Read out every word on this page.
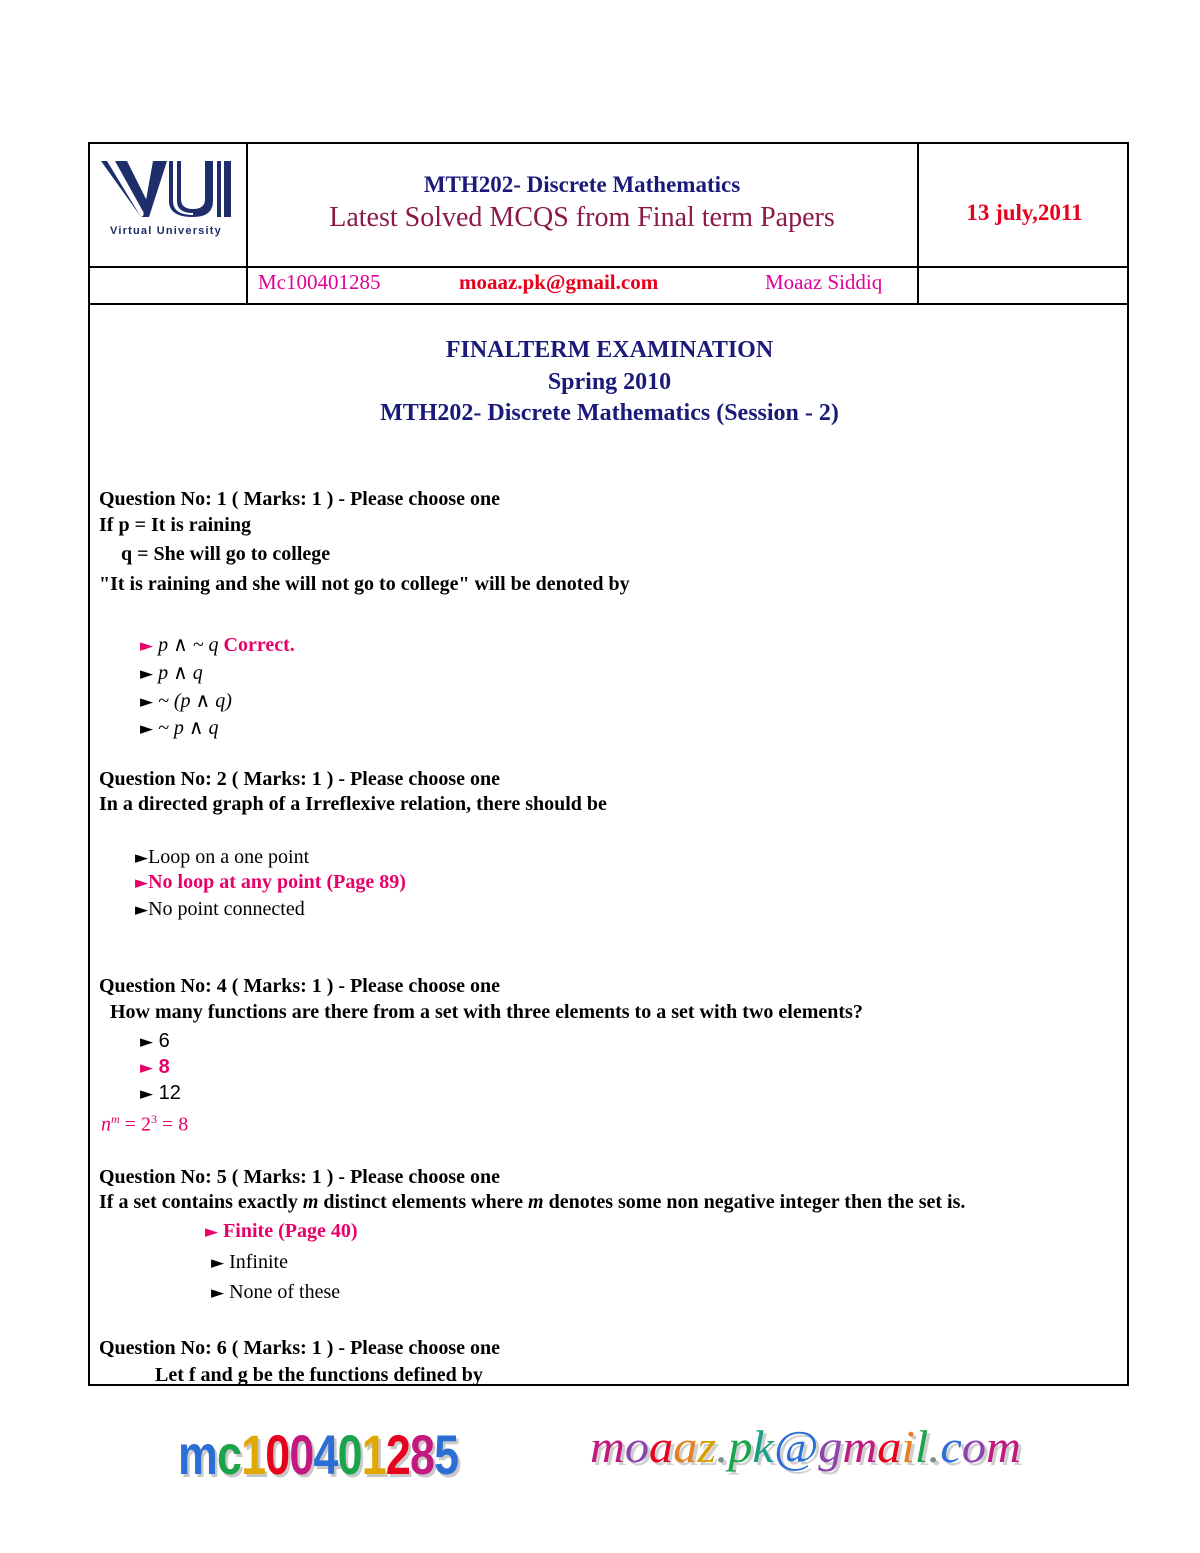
Virtual University
MTH202- Discrete Mathematics
Latest Solved MCQS from Final term Papers	13 july,2011
Mc100401285	moaaz.pk@gmail.com	Moaaz Siddiq
FINALTERM EXAMINATION
Spring 2010
MTH202- Discrete Mathematics (Session - 2)
Question No: 1 ( Marks: 1 ) - Please choose one
If p = It is raining
q = She will go to college
"It is raining and she will not go to college" will be denoted by
► p ∧ ~ q Correct.
► p ∧ q
► ~ (p ∧ q)
► ~ p ∧ q
Question No: 2 ( Marks: 1 ) - Please choose one
In a directed graph of a Irreflexive relation, there should be
►Loop on a one point
►No loop at any point (Page 89)
►No point connected
Question No: 4 ( Marks: 1 ) - Please choose one
How many functions are there from a set with three elements to a set with two elements?
► 6
► 8
► 12
$n^m = 2^3 = 8$
Question No: 5 ( Marks: 1 ) - Please choose one
If a set contains exactly m distinct elements where m denotes some non negative integer then the set is.
► Finite (Page 40)
► Infinite
► None of these
Question No: 6 ( Marks: 1 ) - Please choose one
Let f and g be the functions defined by
mc100401285	moaaz.pk@gmail.com
